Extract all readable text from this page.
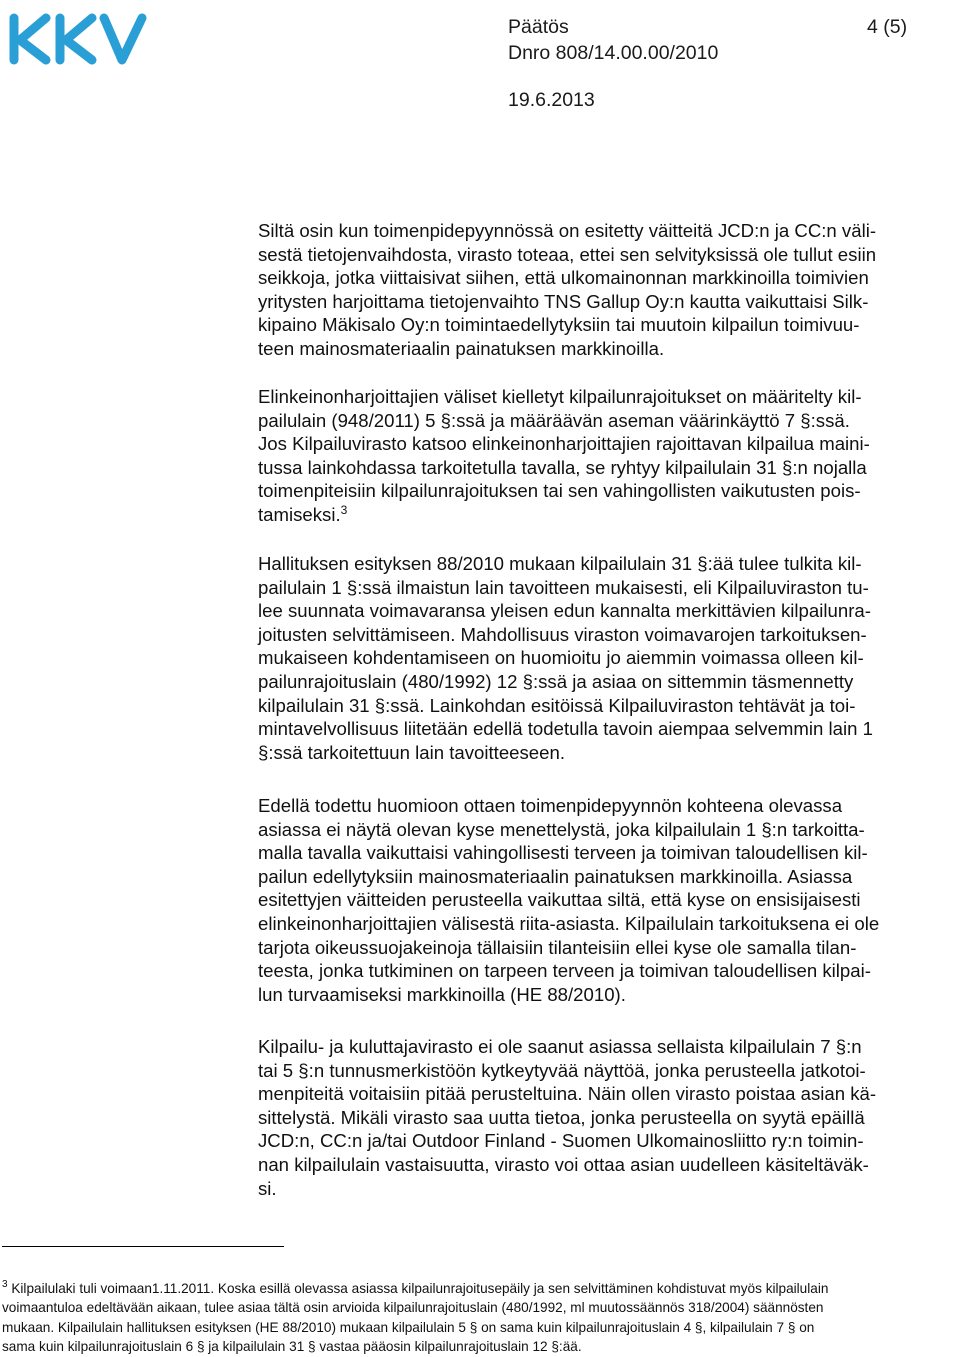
Päätös	4 (5)
Dnro 808/14.00.00/2010
19.6.2013
Siltä osin kun toimenpidepyynnössä on esitetty väitteitä JCD:n ja CC:n väli-
sestä tietojenvaihdosta, virasto toteaa, ettei sen selvityksissä ole tullut esiin
seikkoja, jotka viittaisivat siihen, että ulkomainonnan markkinoilla toimivien
yritysten harjoittama tietojenvaihto TNS Gallup Oy:n kautta vaikuttaisi Silk-
kipaino Mäkisalo Oy:n toimintaedellytyksiin tai muutoin kilpailun toimivuu-
teen mainosmateriaalin painatuksen markkinoilla.
Elinkeinonharjoittajien väliset kielletyt kilpailunrajoitukset on määritelty kil-
pailulain (948/2011) 5 §:ssä ja määräävän aseman väärinkäyttö 7 §:ssä.
Jos Kilpailuvirasto katsoo elinkeinonharjoittajien rajoittavan kilpailua maini-
tussa lainkohdassa tarkoitetulla tavalla, se ryhtyy kilpailulain 31 §:n nojalla
toimenpiteisiin kilpailunrajoituksen tai sen vahingollisten vaikutusten pois-
tamiseksi.$^3$
Hallituksen esityksen 88/2010 mukaan kilpailulain 31 §:ää tulee tulkita kil-
pailulain 1 §:ssä ilmaistun lain tavoitteen mukaisesti, eli Kilpailuviraston tu-
lee suunnata voimavaransa yleisen edun kannalta merkittävien kilpailunra-
joitusten selvittämiseen. Mahdollisuus viraston voimavarojen tarkoituksen-
mukaiseen kohdentamiseen on huomioitu jo aiemmin voimassa olleen kil-
pailunrajoituslain (480/1992) 12 §:ssä ja asiaa on sittemmin täsmennetty
kilpailulain 31 §:ssä. Lainkohdan esitöissä Kilpailuviraston tehtävät ja toi-
mintavelvollisuus liitetään edellä todetulla tavoin aiempaa selvemmin lain 1
§:ssä tarkoitettuun lain tavoitteeseen.
Edellä todettu huomioon ottaen toimenpidepyynnön kohteena olevassa
asiassa ei näytä olevan kyse menettelystä, joka kilpailulain 1 §:n tarkoitta-
malla tavalla vaikuttaisi vahingollisesti terveen ja toimivan taloudellisen kil-
pailun edellytyksiin mainosmateriaalin painatuksen markkinoilla. Asiassa
esitettyjen väitteiden perusteella vaikuttaa siltä, että kyse on ensisijaisesti
elinkeinonharjoittajien välisestä riita-asiasta. Kilpailulain tarkoituksena ei ole
tarjota oikeussuojakeinoja tällaisiin tilanteisiin ellei kyse ole samalla tilan-
teesta, jonka tutkiminen on tarpeen terveen ja toimivan taloudellisen kilpai-
lun turvaamiseksi markkinoilla (HE 88/2010).
Kilpailu- ja kuluttajavirasto ei ole saanut asiassa sellaista kilpailulain 7 §:n
tai 5 §:n tunnusmerkistöön kytkeytyvää näyttöä, jonka perusteella jatkotoi-
menpiteitä voitaisiin pitää perusteltuina. Näin ollen virasto poistaa asian kä-
sittelystä. Mikäli virasto saa uutta tietoa, jonka perusteella on syytä epäillä
JCD:n, CC:n ja/tai Outdoor Finland - Suomen Ulkomainosliitto ry:n toimin-
nan kilpailulain vastaisuutta, virasto voi ottaa asian uudelleen käsiteltäväk-
si.
$^3$ Kilpailulaki tuli voimaan1.11.2011. Koska esillä olevassa asiassa kilpailunrajoitusepäily ja sen selvittäminen kohdistuvat myös kilpailulain
voimaantuloa edeltävään aikaan, tulee asiaa tältä osin arvioida kilpailunrajoituslain (480/1992, ml muutossäännös 318/2004) säännösten
mukaan. Kilpailulain hallituksen esityksen (HE 88/2010) mukaan kilpailulain 5 § on sama kuin kilpailunrajoituslain 4 §, kilpailulain 7 § on
sama kuin kilpailunrajoituslain 6 § ja kilpailulain 31 § vastaa pääosin kilpailunrajoituslain 12 §:ää.
